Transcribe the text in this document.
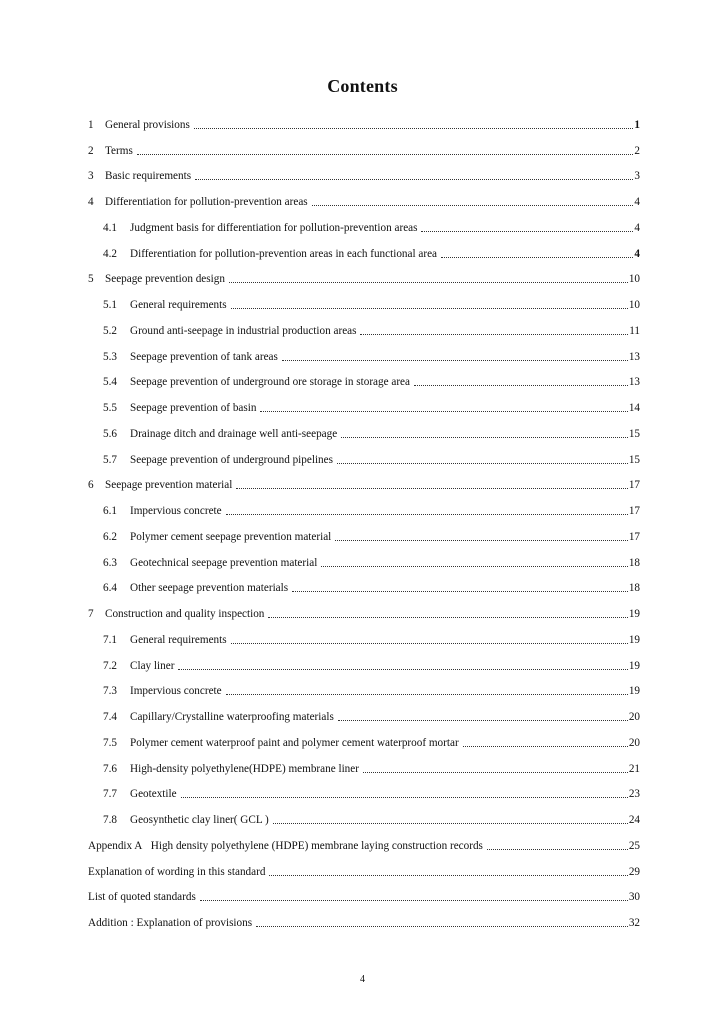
Contents
1	General provisions	1
2	Terms	2
3	Basic requirements	3
4	Differentiation for pollution-prevention areas	4
4.1	Judgment basis for differentiation for pollution-prevention areas	4
4.2	Differentiation for pollution-prevention areas in each functional area	4
5	Seepage prevention design	10
5.1	General requirements	10
5.2	Ground anti-seepage in industrial production areas	11
5.3	Seepage prevention of tank areas	13
5.4	Seepage prevention of underground ore storage in storage area	13
5.5	Seepage prevention of basin	14
5.6	Drainage ditch and drainage well anti-seepage	15
5.7	Seepage prevention of underground pipelines	15
6	Seepage prevention material	17
6.1	Impervious concrete	17
6.2	Polymer cement seepage prevention material	17
6.3	Geotechnical seepage prevention material	18
6.4	Other seepage prevention materials	18
7	Construction and quality inspection	19
7.1	General requirements	19
7.2	Clay liner	19
7.3	Impervious concrete	19
7.4	Capillary/Crystalline waterproofing materials	20
7.5	Polymer cement waterproof paint and polymer cement waterproof mortar	20
7.6	High-density polyethylene(HDPE) membrane liner	21
7.7	Geotextile	23
7.8	Geosynthetic clay liner( GCL )	24
Appendix A   High density polyethylene (HDPE) membrane laying construction records	25
Explanation of wording in this standard	29
List of quoted standards	30
Addition : Explanation of provisions	32
4
